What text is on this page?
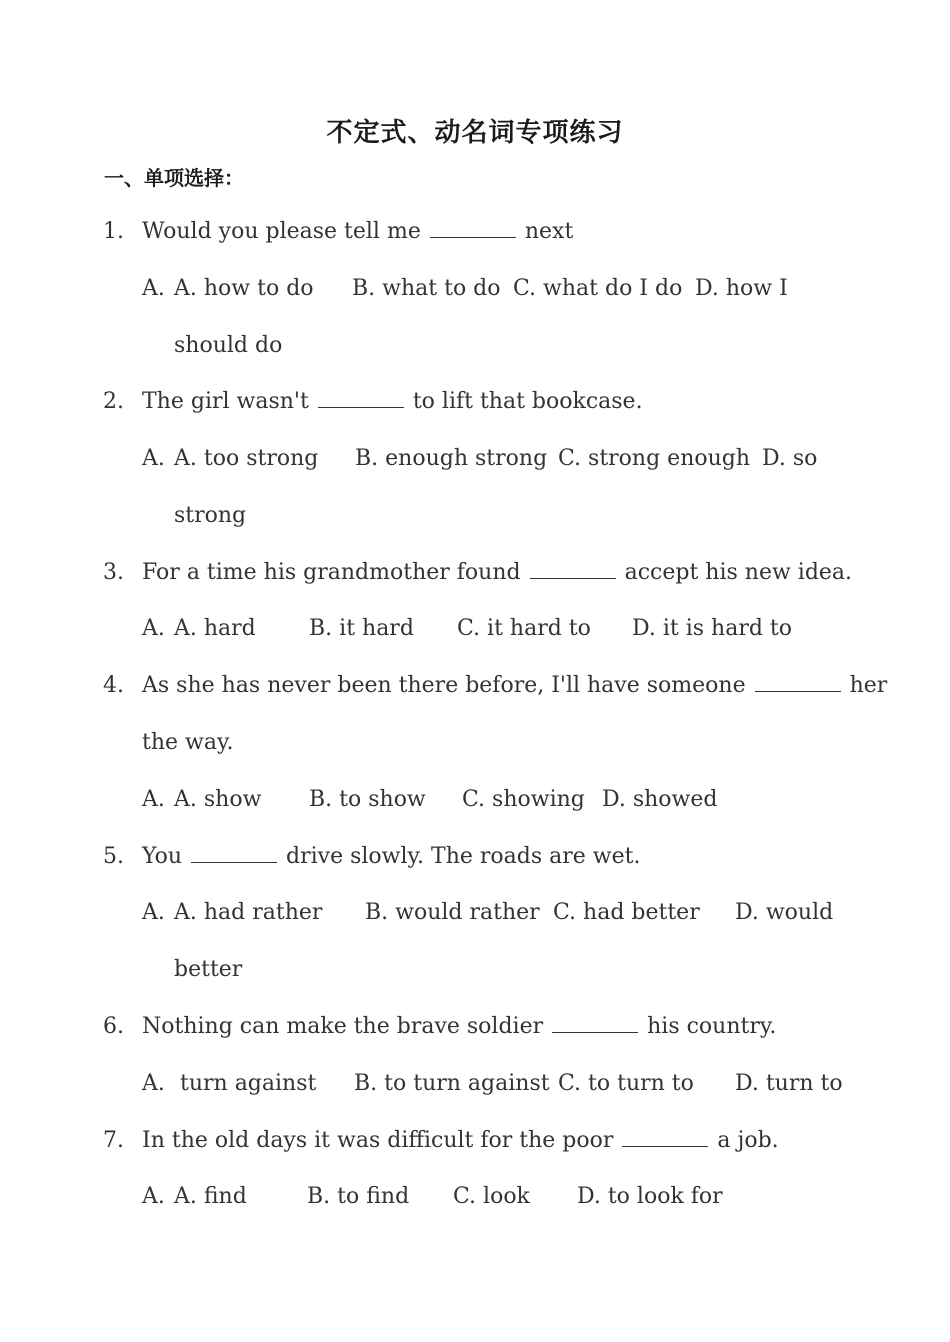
不定式、动名词专项练习
一、单项选择：
1. Would you please tell me	next
A. A. how to do B. what to do C. what do I do D. how I
should do
2. The girl wasn't	to lift that bookcase.
A. A. too strong B. enough strong C. strong enough D. so
strong
3. For a time his grandmother found	accept his new idea.
A. A. hard B. it hard C. it hard to D. it is hard to
4. As she has never been there before, I'll have someone	her
the way.
A. A. show B. to show C. showing D. showed
5. You	drive slowly. The roads are wet.
A. A. had rather B. would rather C. had better D. would
better
6. Nothing can make the brave soldier	his country.
A. turn against B. to turn against C. to turn to D. turn to
7. In the old days it was difficult for the poor	a job.
A. A. find	B. to find C. look D. to look for
